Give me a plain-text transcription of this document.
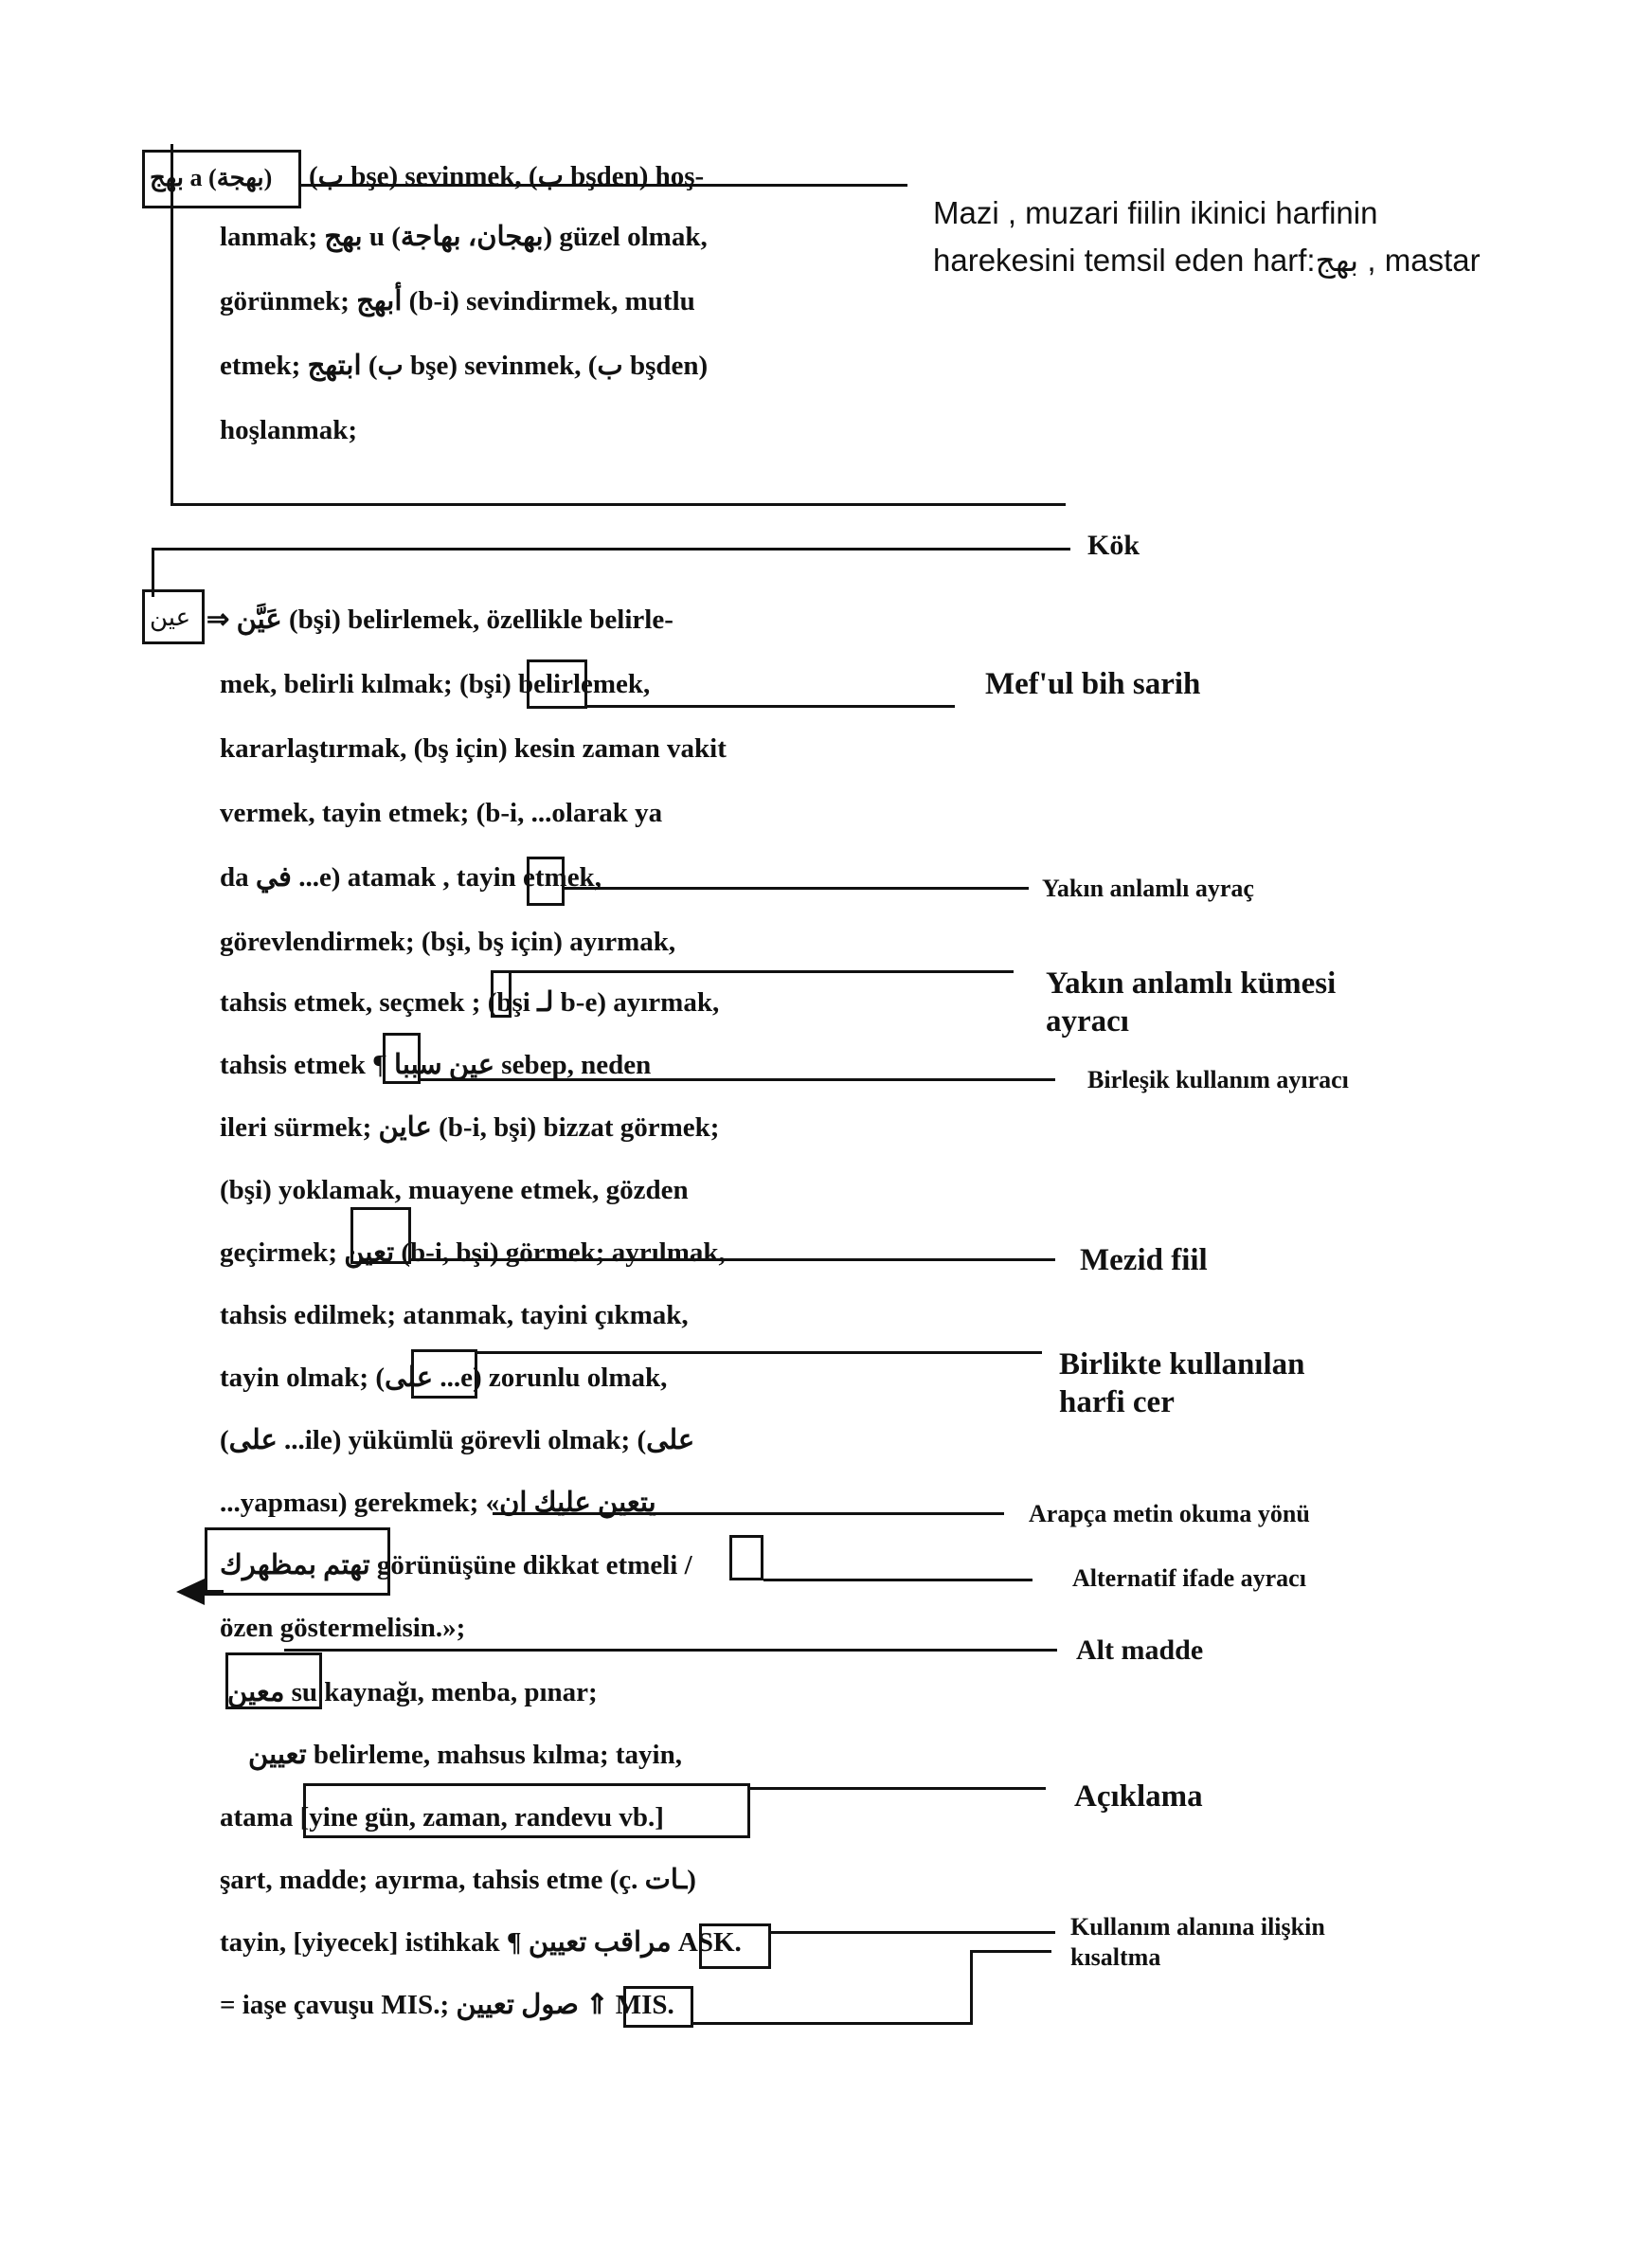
بهج a (بهجة) (ب bşe) sevinmek, (ب bşden) hoş-
lanmak; بهج u (بهجان، بهاجة) güzel olmak,
görünmek; أبهج (b-i) sevindirmek, mutlu
etmek; ابتهج (ب bşe) sevinmek, (ب bşden)
hoşlanmak;
Mazi , muzari fiilin ikinici harfinin
harekesini temsil eden harf:بهج , mastar
Kök
عين ⇒ عَيَّن (bşi) belirlemek, özellikle belirle-
mek, belirli kılmak; (bşi) belirlemek,
kararlaştırmak, (bş için) kesin zaman vakit
vermek, tayin etmek; (b-i, ...olarak ya
da في ...e) atamak , tayin etmek,
görevlendirmek; (bşi, bş için) ayırmak,
tahsis etmek, seçmek ; (bşi لـ b-e) ayırmak,
tahsis etmek ¶ عين سببا sebep, neden
ileri sürmek; عاين (b-i, bşi) bizzat görmek;
(bşi) yoklamak, muayene etmek, gözden
geçirmek; تعين (b-i, bşi) görmek; ayrılmak,
tahsis edilmek; atanmak, tayini çıkmak,
tayin olmak; (على ...e) zorunlu olmak,
(على ...ile) yükümlü görevli olmak; (على
...yapması) gerekmek; «يتعين عليك ان
تهتم بمظهرك görünüşüne dikkat etmeli /
özen göstermelisin.»;
معين su kaynağı, menba, pınar;
تعيين belirleme, mahsus kılma; tayin,
atama [yine gün, zaman, randevu vb.]
şart, madde; ayırma, tahsis etme (ç. ـات)
tayin, [yiyecek] istihkak ¶ مراقب تعيين ASK.
= iaşe çavuşu MIS.; صول تعيين ⇑ MIS.
Mef'ul bih sarih
Yakın anlamlı ayraç
Yakın anlamlı kümesi
ayracı
Birleşik kullanım ayıracı
Mezid fiil
Birlikte kullanılan
harfi cer
Arapça metin okuma yönü
Alternatif ifade ayracı
Alt madde
Açıklama
Kullanım alanına ilişkin
kısaltma
